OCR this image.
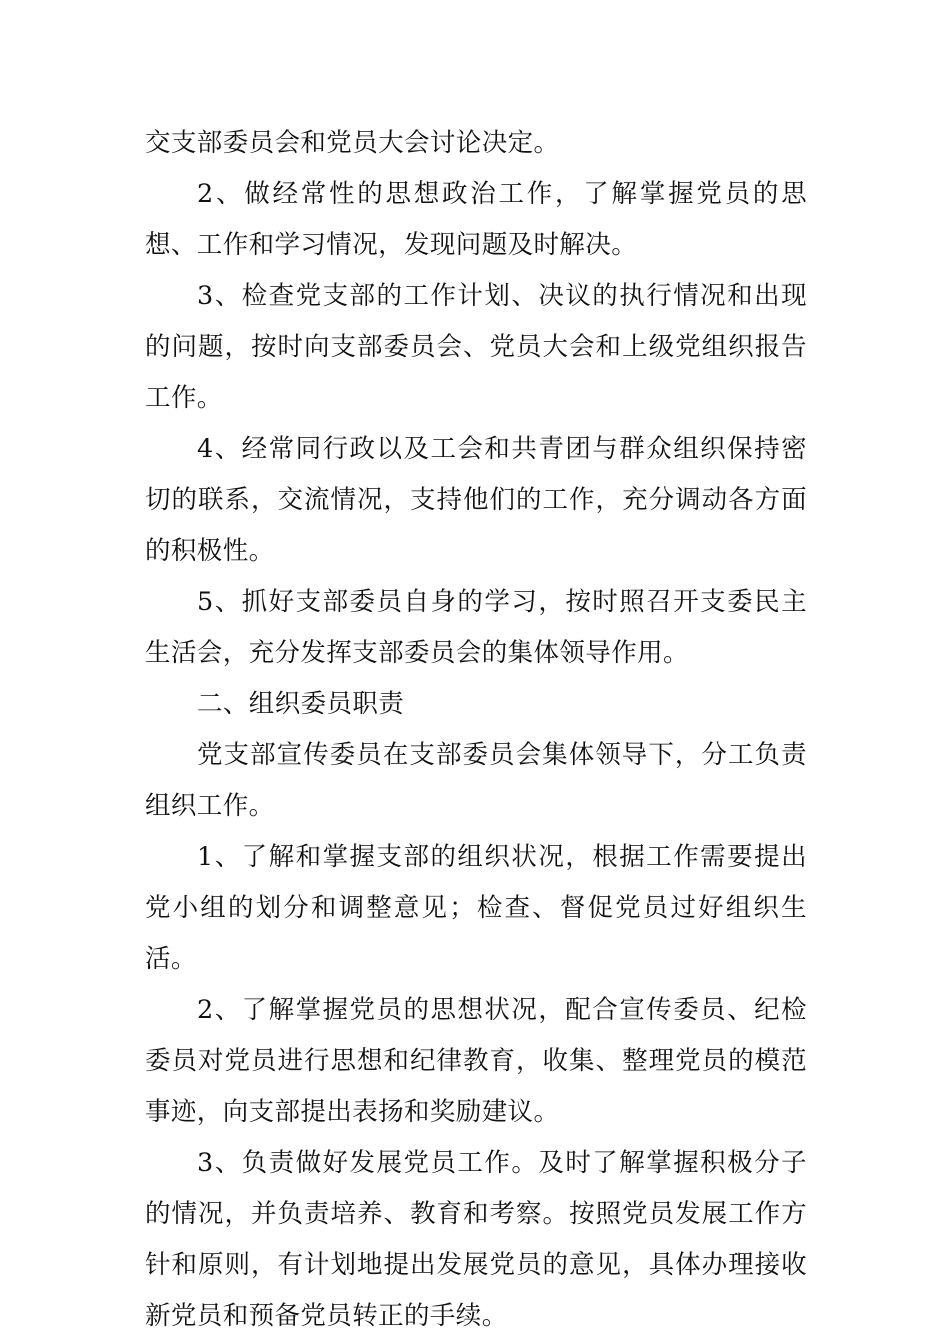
交支部委员会和党员大会讨论决定。

2、做经常性的思想政治工作，了解掌握党员的思想、工作和学习情况，发现问题及时解决。

3、检查党支部的工作计划、决议的执行情况和出现的问题，按时向支部委员会、党员大会和上级党组织报告工作。

4、经常同行政以及工会和共青团与群众组织保持密切的联系，交流情况，支持他们的工作，充分调动各方面的积极性。

5、抓好支部委员自身的学习，按时照召开支委民主生活会，充分发挥支部委员会的集体领导作用。

二、组织委员职责

党支部宣传委员在支部委员会集体领导下，分工负责组织工作。

1、了解和掌握支部的组织状况，根据工作需要提出党小组的划分和调整意见；检查、督促党员过好组织生活。

2、了解掌握党员的思想状况，配合宣传委员、纪检委员对党员进行思想和纪律教育，收集、整理党员的模范事迹，向支部提出表扬和奖励建议。

3、负责做好发展党员工作。及时了解掌握积极分子的情况，并负责培养、教育和考察。按照党员发展工作方针和原则，有计划地提出发展党员的意见，具体办理接收新党员和预备党员转正的手续。
